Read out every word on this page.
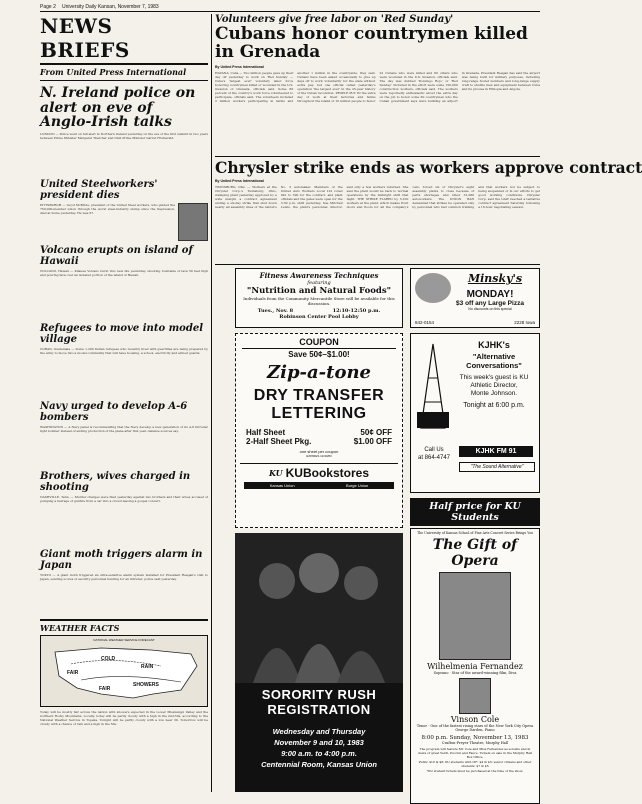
Page 2 University Daily Kansan, November 7, 1983
NEWS BRIEFS
From United Press International
N. Ireland police on alert on eve of Anglo-Irish talks
LONDON — Police went on full alert in Northern Ireland yesterday on the eve of the first summit in two years between Prime Minister Margaret Thatcher and Irish Prime Minister Garret FitzGerald.
United Steelworkers' president dies
PITTSBURGH — Lloyd McBride, president of the United Steel workers, who guided the 750,000-member union through the worst steel-industry slump since the Depression, died at home yesterday. He was 67.
Volcano erupts on island of Hawaii
VOLCANO, Hawaii — Kilauea Volcano burst into new life yesterday, shooting fountains of lava 50 feet high and pouring lava over an isolated portion of the island of Hawaii.
Refugees to move into model village
COBAN, Guatemala — Some 1,200 Indian refugees who recently lived with guerrillas are being prepared by the army to move into a model community that will have housing, a school, electricity and armed guards.
Navy urged to develop A-6 bombers
WASHINGTON — A Navy panel is recommending that the Navy develop a new generation of its A-6 Intruder light bomber instead of ending production of the plane after this year, defense sources say.
Brothers, wives charged in shooting
NASHVILLE, Tenn. — Murder charges were filed yesterday against two brothers and their wives accused of pumping a barrage of gunfire from a car into a crowd leaving a gospel concert.
Giant moth triggers alarm in Japan
TOKYO — A giant moth triggered an ultra-sensitive alarm system installed for President Reagan's visit to Japan, sending scores of security personnel hunting for an intruder, police said yesterday.
WEATHER FACTS
NATIONAL WEATHER SERVICE FORECAST
COLD
FAIR
RAIN
SHOWERS
FAIR
Today will be mostly fair across the nation with showers expected in the Lower Mississippi Valley and the northern Rocky Mountains. Locally, today will be partly cloudy with a high in the mid-50s, according to the National Weather Service in Topeka. Tonight will be partly cloudy with a low near 30. Tomorrow will be cloudy with a chance of rain and a high in the 50s.
Volunteers give free labor on 'Red Sunday'
Cubans honor countrymen killed in Grenada
By United Press International
HAVANA, Cuba — Two million people gave up their day off yesterday to work on 'Red Sunday' — Cuba's 'largest ever' voluntary labor force honoring countrymen killed or wounded in the U.S. invasion of Grenada, officials said. Some 80 percent of the country's work force volunteered to participate, officials said. The volunteers included 2 million workers participating in farms and another 1 million in the countryside, they said. Cubans have been asked occasionally to give up days off to work 'voluntarily' for the state without extra pay, but one official called yesterday's operation 'the largest ever' in the 25-year history of the Cuban revolution. PEOPLE PUT IN the extra day of work at their factories and farms throughout the island of 10 million people to honor 22 Cubans who were killed and 60 others who were wounded in the U.S. invasion, officials said. The day was dubbed 'Domingo Rojo' or 'Red Sunday.' Included in the effort were some 150,000 construction workers, officials said. The workers were reportedly enthusiastic about the extra day on the job to honor some 60 countrymen who the Cuban government says were building an airport in Grenada. President Reagan has said the airport was being built for military purposes, including long-range Soviet bombers and long-range supply craft to shuttle men and equipment between Cuba and its proxies in Ethiopia and Angola.
Chrysler strike ends as workers approve contract
By United Press International
TWINSBURG, Ohio — Workers at the Chrysler Corp.'s Twinsburg, Ohio, stamping plant yesterday approved by a wide margin a contract agreement ending a six-day strike that shut down nearly all assembly lines of the nation's No. 3 automaker. Members of the United Auto Workers Local 122 voted 941 to 390 for the contract, and plant officials and the gates were open for the 3:30 p.m. shift yesterday, Sue Mitchell Lewis, the plant's personnel director, said only a few workers returned. She said the plant would be back to normal operations by the midnight shift that night. THE STRIKE FLARED by 3,100 workers at the plant, which makes front doors and floors for all the company's cars, forced six of Chrysler's eight assembly plants to close because of parts shortages and idled 31,000 autoworkers. The UNION BAN demanded that strikes be operated only by personnel who had common training and that workers not be subject to being suspended or in our efforts to get good working conditions. Chrysler Corp. said the UAW reached a tentative contract agreement Saturday following a 16-hour negotiating session.
Fitness Awareness Techniques
featuring
"Nutrition and Natural Foods"
Individuals from the Community Mercantile Store will be available for this discussion.
Tues., Nov. 8	12:10-12:50 p.m.
Robinson Center Pool Lobby
Minsky's
MONDAY!
$3 off any Large Pizza
No discounts on this special
842-0154	2228 Iowa
COUPON
Save 50¢–$1.00!
Zip-a-tone
DRY TRANSFER
LETTERING
Half Sheet	50¢ OFF
2-Half Sheet Pkg.	$1.00 OFF
one sheet per coupon
EXPIRES 11/30/83
KU KUBookstores
Kansas Union	Burge Union
KJHK's
"Alternative Conversations"
This week's guest is KU Athletic Director,
Monte Johnson.
Tonight at 6:00 p.m.
Call Us
at 864-4747
KJHK FM 91
"The Sound Alternative"
SORORITY RUSH
REGISTRATION
Wednesday and Thursday
November 9 and 10, 1983
9:00 a.m. to 4:00 p.m.
Centennial Room, Kansas Union
Half price for KU Students
The University of Kansas School of Fine Arts Concert Series Brings You
The Gift of Opera
Wilhelmenia Fernandez
Soprano · Star of the award-winning film, Diva
Vinson Cole
Tenor · One of the fastest rising stars of the New York City Opera
George Darden, Piano
8:00 p.m. Sunday, November 13, 1983
Crafton-Preyer Theatre, Murphy Hall
The program will feature Mr. Cole and Miss Fernandez as soloists and in duets of great Verdi, Puccini and Faure. Tickets on sale in the Murphy Hall Box Office.
Public $10 & $8; KU students with ID*: $4 & $3; senior citizens and other students: $7 & $5
*KU student tickets must be purchased at the time of the show.
